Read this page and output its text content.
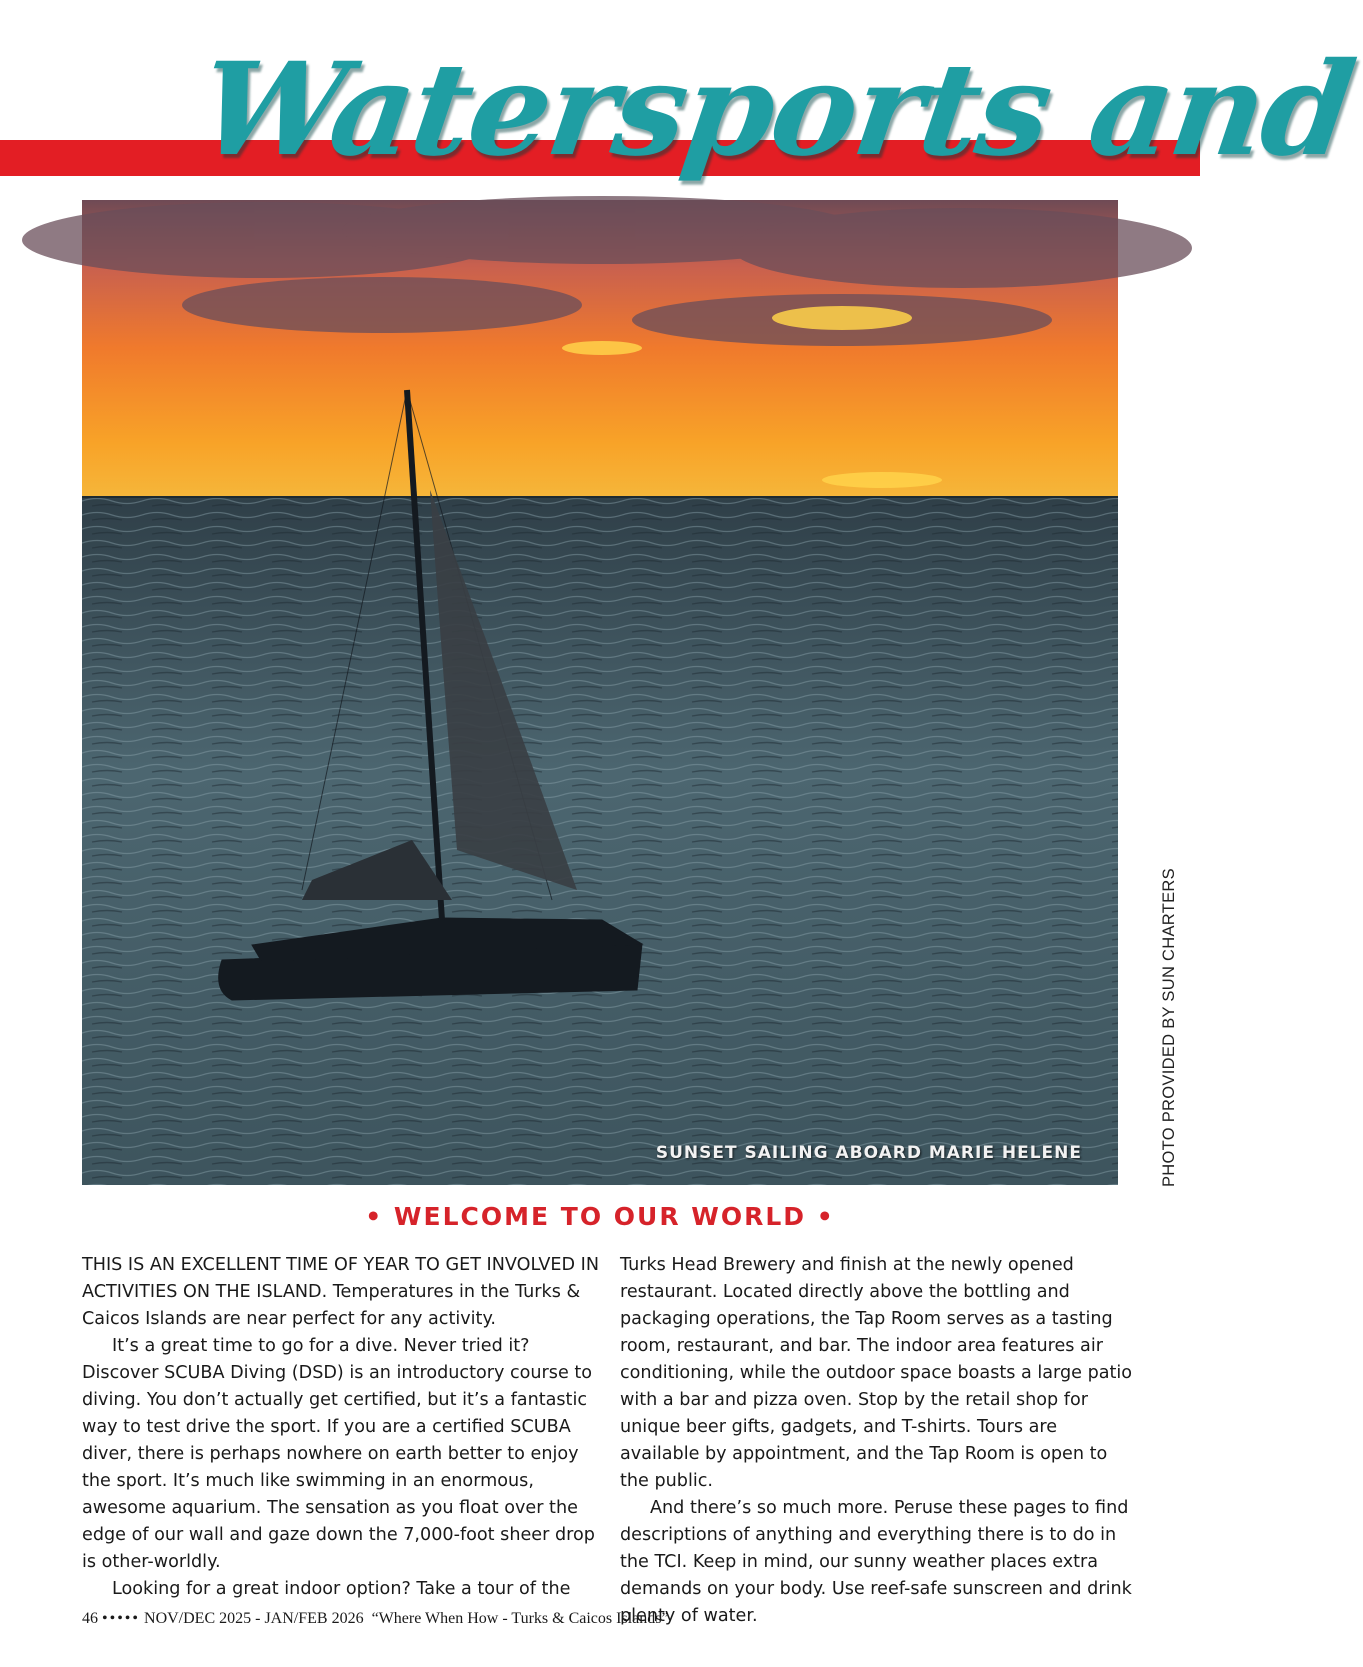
Watersports and
SUNSET SAILING ABOARD MARIE HELENE	PHOTO PROVIDED BY SUN CHARTERS
• WELCOME TO OUR WORLD •

THIS IS AN EXCELLENT TIME OF YEAR TO GET INVOLVED IN ACTIVITIES ON THE ISLAND. Temperatures in the Turks & Caicos Islands are near perfect for any activity.

It’s a great time to go for a dive. Never tried it? Discover SCUBA Diving (DSD) is an introductory course to diving. You don’t actually get certified, but it’s a fantastic way to test drive the sport. If you are a certified SCUBA diver, there is perhaps nowhere on earth better to enjoy the sport. It’s much like swimming in an enormous, awesome aquarium. The sensation as you float over the edge of our wall and gaze down the 7,000-foot sheer drop is other-worldly.

Looking for a great indoor option? Take a tour of the

Turks Head Brewery and finish at the newly opened restaurant. Located directly above the bottling and packaging operations, the Tap Room serves as a tasting room, restaurant, and bar. The indoor area features air conditioning, while the outdoor space boasts a large patio with a bar and pizza oven. Stop by the retail shop for unique beer gifts, gadgets, and T-shirts. Tours are available by appointment, and the Tap Room is open to the public.

And there’s so much more. Peruse these pages to find descriptions of anything and everything there is to do in the TCI. Keep in mind, our sunny weather places extra demands on your body. Use reef-safe sunscreen and drink plenty of water.

46 ••••• NOV/DEC 2025 - JAN/FEB 2026 “Where When How - Turks & Caicos Islands”
